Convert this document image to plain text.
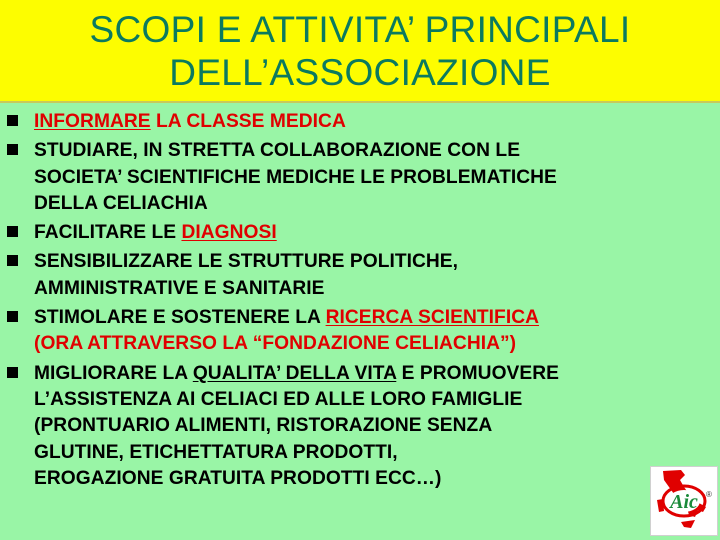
SCOPI E ATTIVITA’ PRINCIPALI
DELL’ASSOCIAZIONE
INFORMARE LA CLASSE MEDICA
STUDIARE, IN STRETTA COLLABORAZIONE CON LE
SOCIETA’ SCIENTIFICHE MEDICHE LE PROBLEMATICHE
DELLA CELIACHIA
FACILITARE LE DIAGNOSI
SENSIBILIZZARE LE STRUTTURE POLITICHE,
AMMINISTRATIVE E SANITARIE
STIMOLARE E SOSTENERE LA RICERCA SCIENTIFICA
(ORA ATTRAVERSO LA “FONDAZIONE CELIACHIA”)
MIGLIORARE LA QUALITA’ DELLA VITA E PROMUOVERE
L’ASSISTENZA AI CELIACI ED ALLE LORO FAMIGLIE
(PRONTUARIO ALIMENTI, RISTORAZIONE SENZA
GLUTINE, ETICHETTATURA PRODOTTI,
EROGAZIONE GRATUITA PRODOTTI ECC…)
Aic ®
